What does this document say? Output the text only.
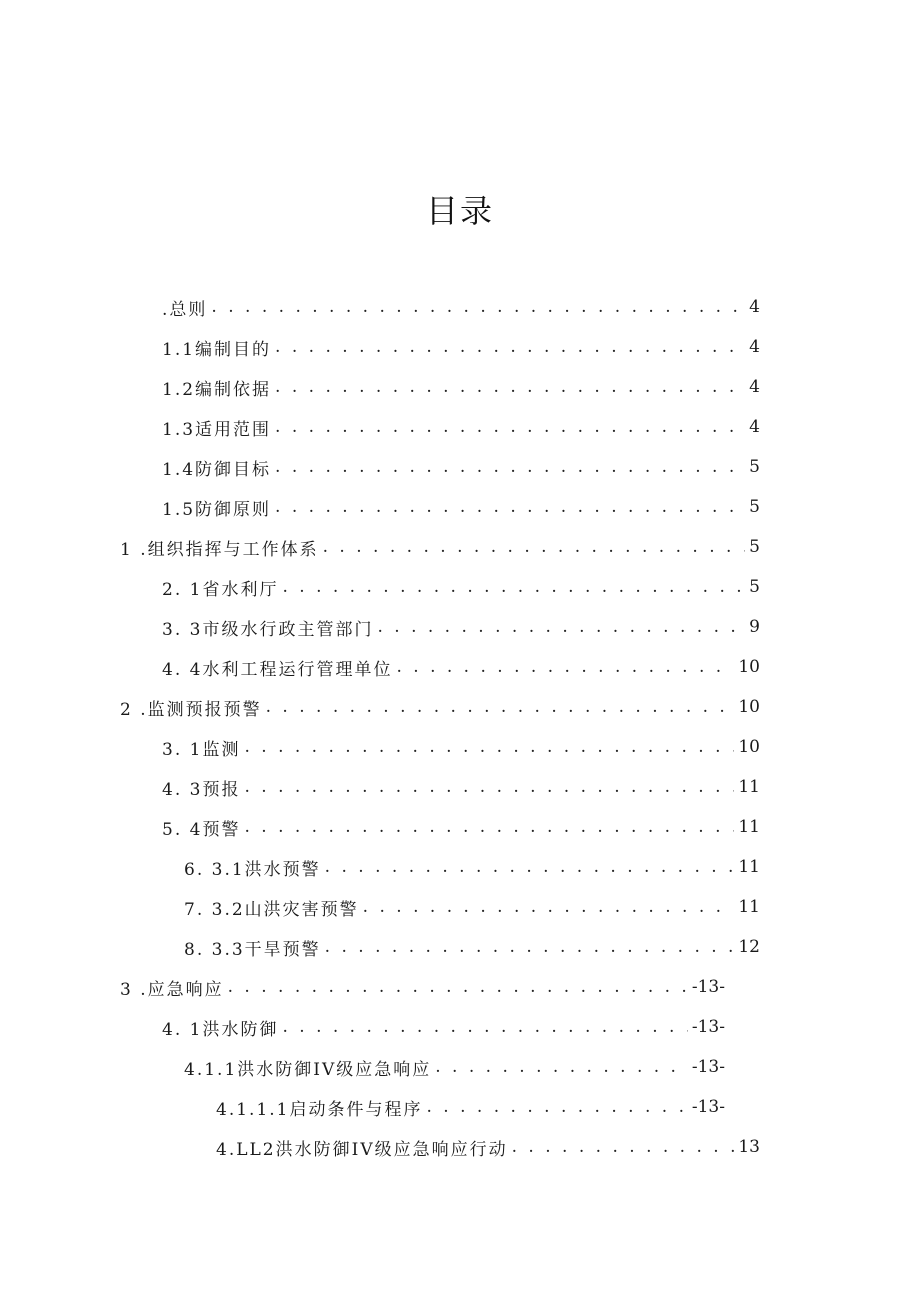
目录
.总则 . . .	4
1.1编制目的 . . .	4
1.2编制依据 . . .	4
1.3适用范围 . . .	4
1.4防御目标 . . .	5
1.5防御原则 . . .	5
1 .组织指挥与工作体系 . . .	5
2. 1省水利厅 . . .	5
3. 3市级水行政主管部门 . . .	9
4. 4水利工程运行管理单位 . . .	10
2 .监测预报预警 . . .	10
3. 1监测 . . .	10
4. 3预报 . . .	11
5. 4预警 . . .	11
6. 3.1洪水预警 . . .	11
7. 3.2山洪灾害预警 . . .	11
8. 3.3干旱预警 . . .	12
3 .应急响应 . . .	-13-
4. 1洪水防御 . . .	-13-
4.1.1洪水防御IV级应急响应 . . .	-13-
4.1.1.1启动条件与程序 . . .	-13-
4.LL2洪水防御IV级应急响应行动 . . .	13
